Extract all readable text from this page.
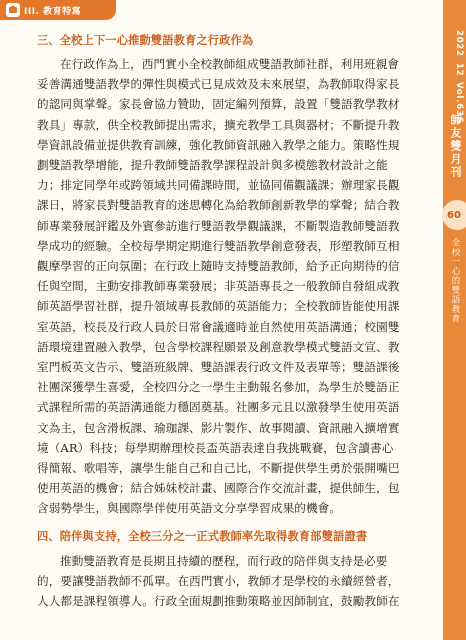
III. 教育特寫
2022
12
Vol.636
師友雙月刊
60
全校一心的雙語教育
三、全校上下一心推動雙語教育之行政作為
在行政作為上，西門實小全校教師組成雙語教師社群，利用班親會
妥善溝通雙語教學的彈性與模式已見成效及未來展望，為教師取得家長
的認同與掌聲。家長會協力贊助，固定編列預算，設置「雙語教學教材
教具」專款，供全校教師提出需求，擴充教學工具與器材；不斷提升教
學資訊設備並提供教育訓練，強化教師資訊融入教學之能力。策略性規
劃雙語教學增能，提升教師雙語教學課程設計與多模態教材設計之能
力；排定同學年或跨領域共同備課時間，並協同備觀議課；辦理家長觀
課日，將家長對雙語教育的迷思轉化為給教師創新教學的掌聲；結合教
師專業發展評鑑及外賓參訪進行雙語教學觀議課，不斷製造教師雙語教
學成功的經驗。全校每學期定期進行雙語教學創意發表，形塑教師互相
觀摩學習的正向氛圍；在行政上隨時支持雙語教師，給予正向期待的信
任與空間，主動安排教師專業發展；非英語專長之一般教師自發組成教
師英語學習社群，提升領域專長教師的英語能力；全校教師皆能使用課
室英語，校長及行政人員於日常會議適時並自然使用英語溝通；校園雙
語環境建置融入教學，包含學校課程願景及創意教學模式雙語文宣、教
室門板英文告示、雙語班級牌、雙語課表行政文件及表單等；雙語課後
社團深獲學生喜愛，全校四分之一學生主動報名參加，為學生於雙語正
式課程所需的英語溝通能力穩固奠基。社團多元且以激發學生使用英語
文為主，包含滑板課、瑜珈課、影片製作、故事閱讀、資訊融入擴增實
境（AR）科技；每學期辦理校長盃英語表達自我挑戰賽，包含讀書心
得簡報、歌唱等，讓學生能自己和自己比，不斷提供學生勇於張開嘴巴
使用英語的機會；結合姊妹校計畫、國際合作交流計畫，提供師生，包
含弱勢學生，與國際學伴使用英語文分享學習成果的機會。
四、陪伴與支持，全校三分之一正式教師率先取得教育部雙語證書
推動雙語教育是長期且持續的歷程，而行政的陪伴與支持是必要
的，要讓雙語教師不孤單。在西門實小，教師才是學校的永續經營者，
人人都是課程領導人。行政全面規劃推動策略並因師制宜，鼓勵教師在
